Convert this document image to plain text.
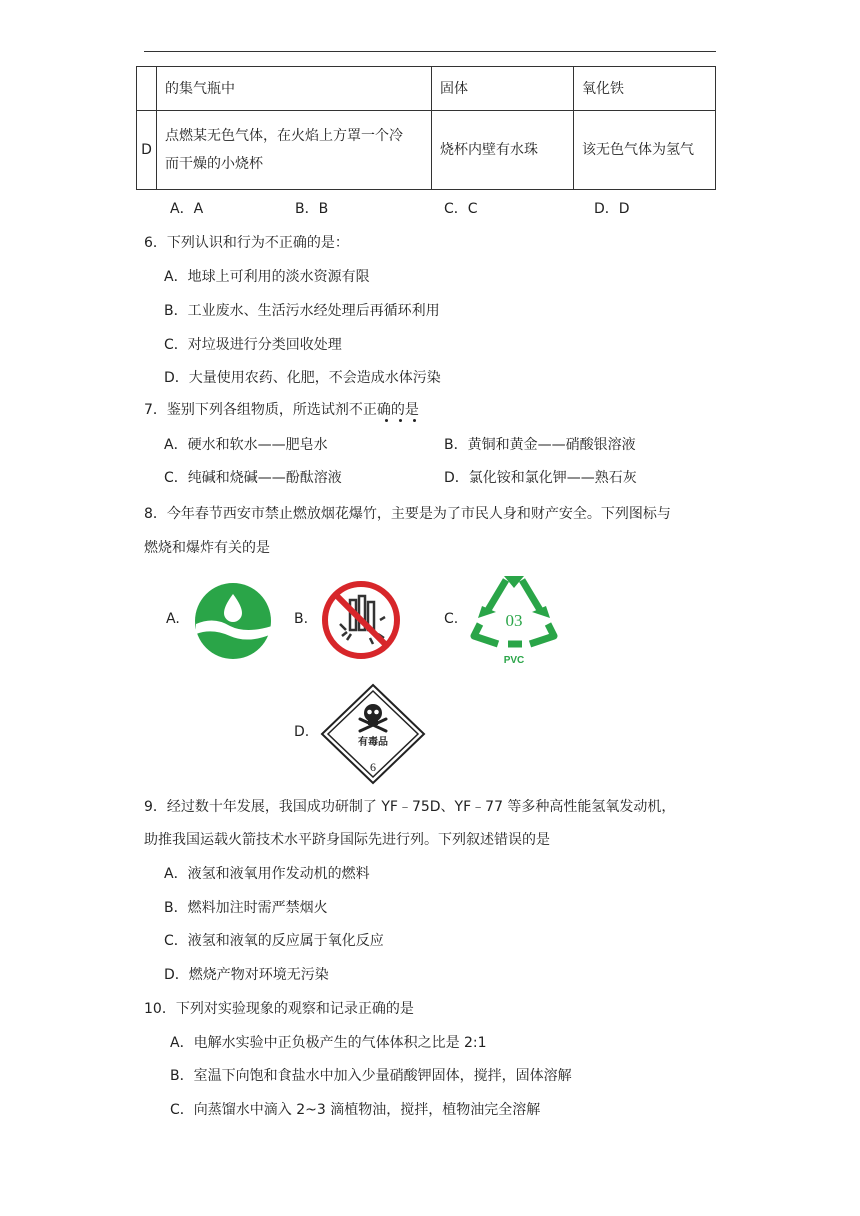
	的集气瓶中	固体	氧化铁
D	点燃某无色气体，在火焰上方罩一个冷
而干燥的小烧杯	烧杯内壁有水珠	该无色气体为氢气
A．A	B．B	C．C	D．D
6．下列认识和行为不正确的是：
A．地球上可利用的淡水资源有限
B．工业废水、生活污水经处理后再循环利用
C．对垃圾进行分类回收处理
D．大量使用农药、化肥，不会造成水体污染
7．鉴别下列各组物质，所选试剂不正确的是
A．硬水和软水——肥皂水	B．黄铜和黄金——硝酸银溶液
C．纯碱和烧碱——酚酞溶液	D．氯化铵和氯化钾——熟石灰
8．今年春节西安市禁止燃放烟花爆竹，主要是为了市民人身和财产安全。下列图标与
燃烧和爆炸有关的是
A.	B.	C.	03
PVC
D.
有毒品
6
9．经过数十年发展，我国成功研制了 YF﹣75D、YF﹣77 等多种高性能氢氧发动机，
助推我国运载火箭技术水平跻身国际先进行列。下列叙述错误的是
A．液氢和液氧用作发动机的燃料
B．燃料加注时需严禁烟火
C．液氢和液氧的反应属于氧化反应
D．燃烧产物对环境无污染
10．下列对实验现象的观察和记录正确的是
A．电解水实验中正负极产生的气体体积之比是 2:1
B．室温下向饱和食盐水中加入少量硝酸钾固体，搅拌，固体溶解
C．向蒸馏水中滴入 2~3 滴植物油，搅拌，植物油完全溶解
